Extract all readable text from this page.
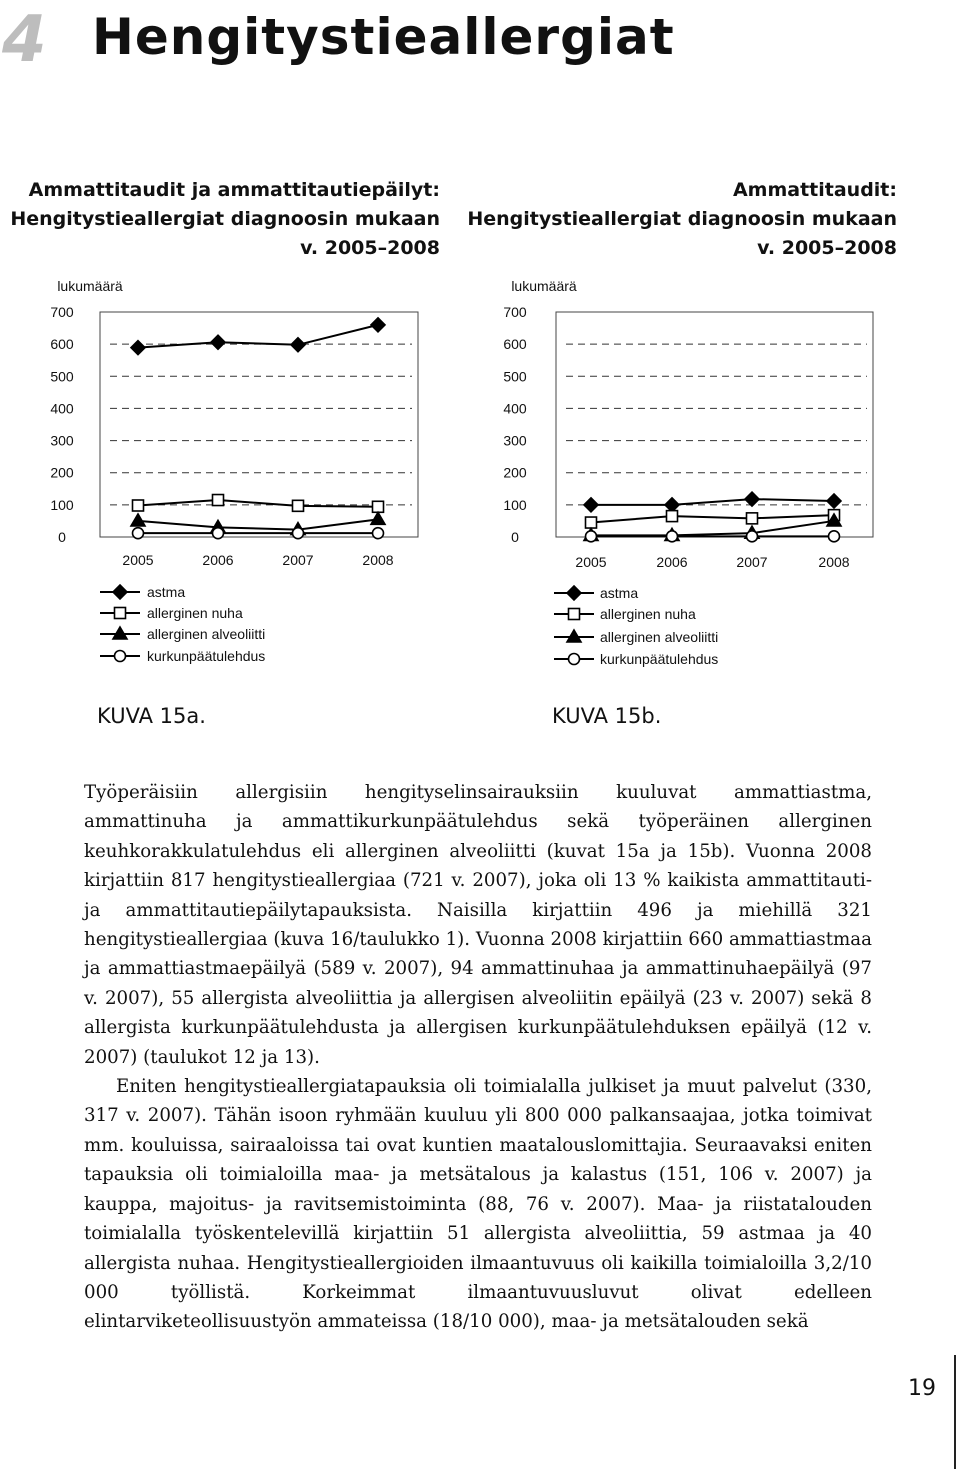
4 Hengitystieallergiat
Ammattitaudit ja ammattitautiepäilyt:
Hengitystieallergiat diagnoosin mukaan
v. 2005–2008
Ammattitaudit:
Hengitystieallergiat diagnoosin mukaan
v. 2005–2008
0
100
200
300
400
500
600
700
lukumäärä
2005	2006	2007	2008
astma
allerginen nuha
allerginen alveoliitti
kurkunpäätulehdus
0
100
200
300
400
500
600
700
lukumäärä
2005	2006	2007	2008
astma
allerginen nuha
allerginen alveoliitti
kurkunpäätulehdus
KUVA 15a.	KUVA 15b.

Työperäisiin allergisiin hengityselinsairauksiin kuuluvat ammattiastma, ammattinuha ja ammattikurkunpäätulehdus sekä työperäinen allerginen keuhkorakkulatulehdus eli allerginen alveoliitti (kuvat 15a ja 15b). Vuonna 2008 kirjattiin 817 hengitystieallergiaa (721 v. 2007), joka oli 13 % kaikista ammattitauti- ja ammattitautiepäilytapauksista. Naisilla kirjattiin 496 ja miehillä 321 hengitystieallergiaa (kuva 16/taulukko 1). Vuonna 2008 kirjattiin 660 ammattiastmaa ja ammattiastmaepäilyä (589 v. 2007), 94 ammattinuhaa ja ammattinuhaepäilyä (97 v. 2007), 55 allergista alveoliittia ja allergisen alveoliitin epäilyä (23 v. 2007) sekä 8 allergista kurkunpäätulehdusta ja allergisen kurkunpäätulehduksen epäilyä (12 v. 2007) (taulukot 12 ja 13).

Eniten hengitystieallergiatapauksia oli toimialalla julkiset ja muut palvelut (330, 317 v. 2007). Tähän isoon ryhmään kuuluu yli 800 000 palkansaajaa, jotka toimivat mm. kouluissa, sairaaloissa tai ovat kuntien maatalouslomittajia. Seuraavaksi eniten tapauksia oli toimialoilla maa- ja metsätalous ja kalastus (151, 106 v. 2007) ja kauppa, majoitus- ja ravitsemistoiminta (88, 76 v. 2007). Maa- ja riistatalouden toimialalla työskentelevillä kirjattiin 51 allergista alveoliittia, 59 astmaa ja 40 allergista nuhaa. Hengitystieallergioiden ilmaantuvuus oli kaikilla toimialoilla 3,2/10 000 työllistä. Korkeimmat ilmaantuvuusluvut olivat edelleen elintarviketeollisuustyön ammateissa (18/10 000), maa- ja metsätalouden sekä

19
